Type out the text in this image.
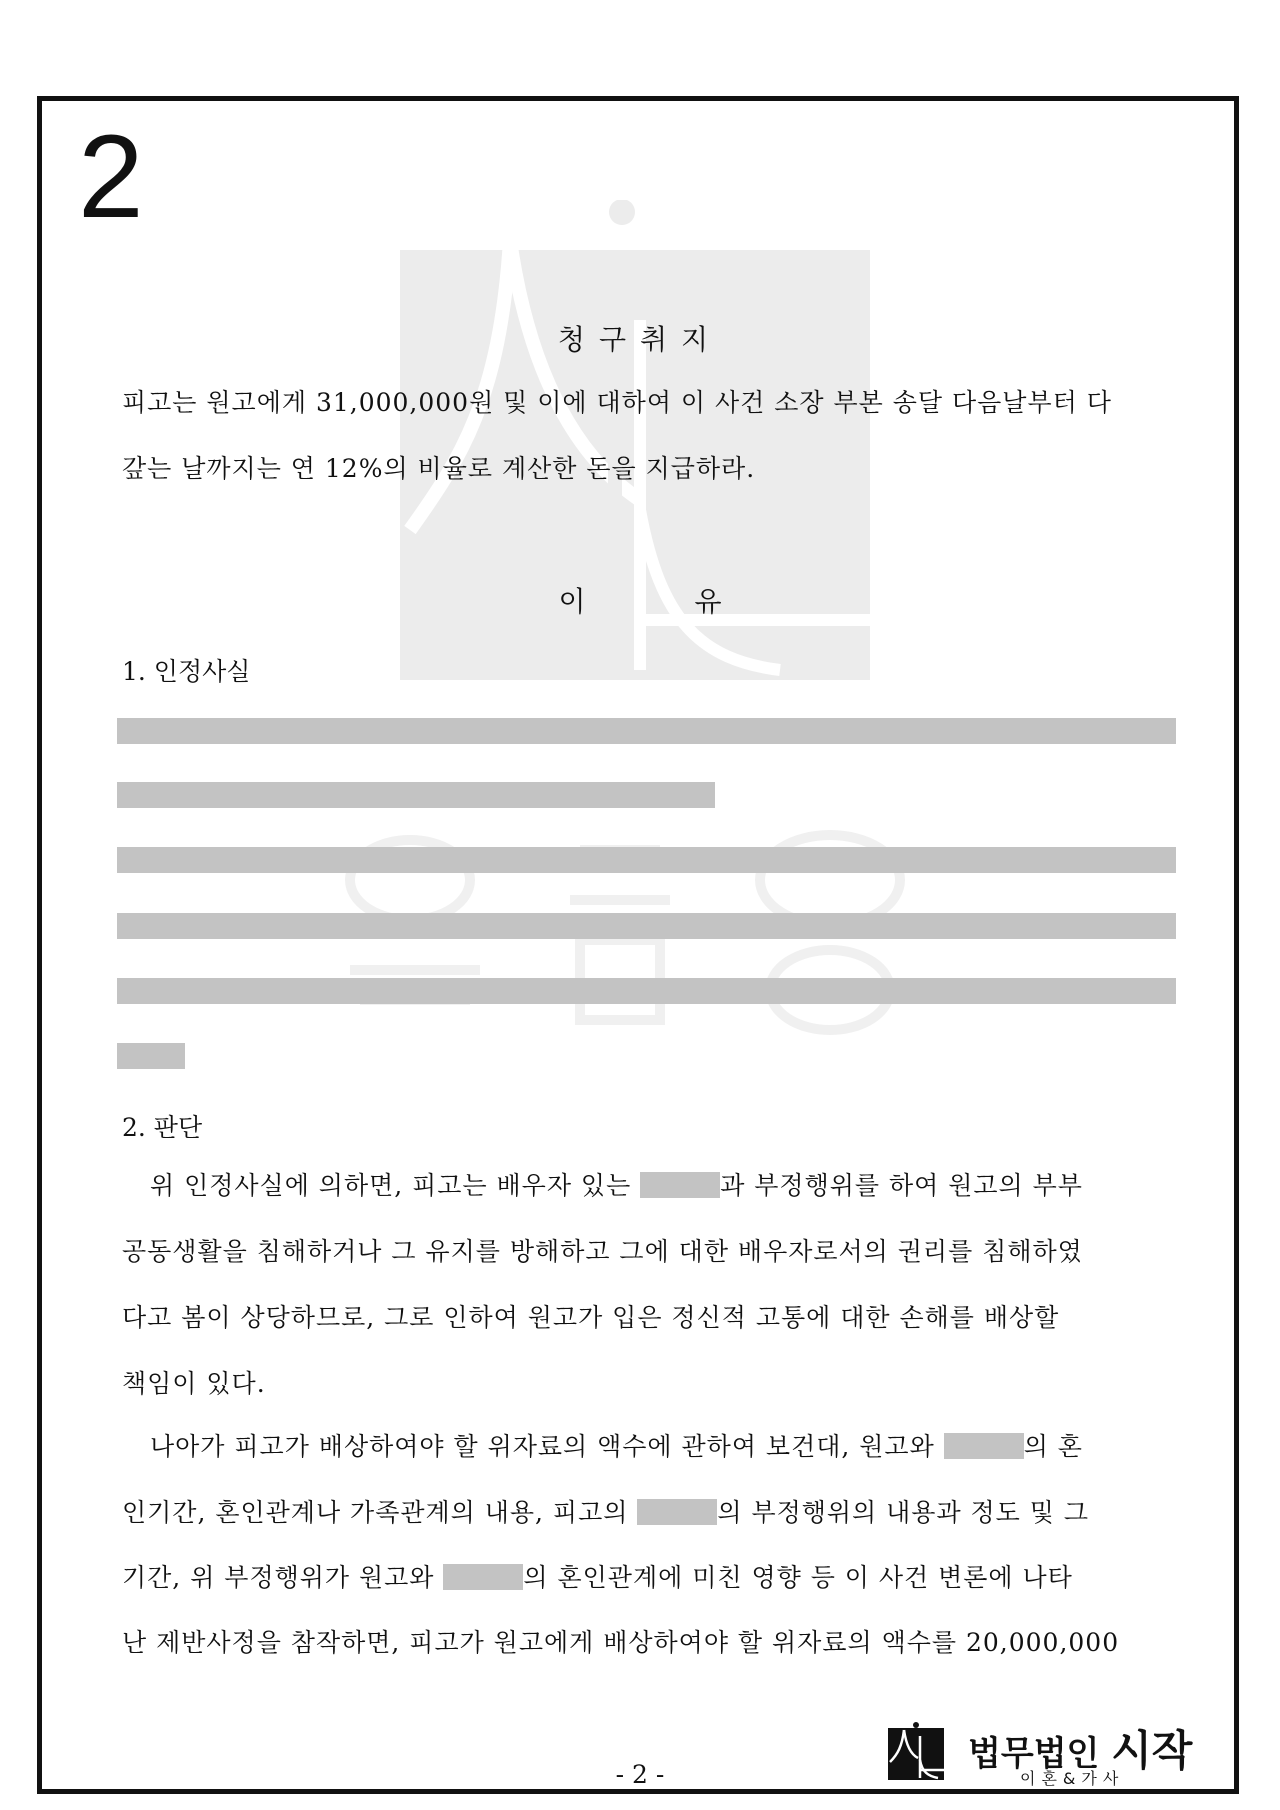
2
청구취지
피고는 원고에게 31,000,000원 및 이에 대하여 이 사건 소장 부본 송달 다음날부터 다
갚는 날까지는 연 12%의 비율로 계산한 돈을 지급하라.
이 유
1. 인정사실
2. 판단
위 인정사실에 의하면, 피고는 배우자 있는	과 부정행위를 하여 원고의 부부
공동생활을 침해하거나 그 유지를 방해하고 그에 대한 배우자로서의 권리를 침해하였
다고 봄이 상당하므로, 그로 인하여 원고가 입은 정신적 고통에 대한 손해를 배상할
책임이 있다.
나아가 피고가 배상하여야 할 위자료의 액수에 관하여 보건대, 원고와	의 혼
인기간, 혼인관계나 가족관계의 내용, 피고의	의 부정행위의 내용과 정도 및 그
기간, 위 부정행위가 원고와	의 혼인관계에 미친 영향 등 이 사건 변론에 나타
난 제반사정을 참작하면, 피고가 원고에게 배상하여야 할 위자료의 액수를 20,000,000
- 2 -
법무법인 시작
이혼&가사
